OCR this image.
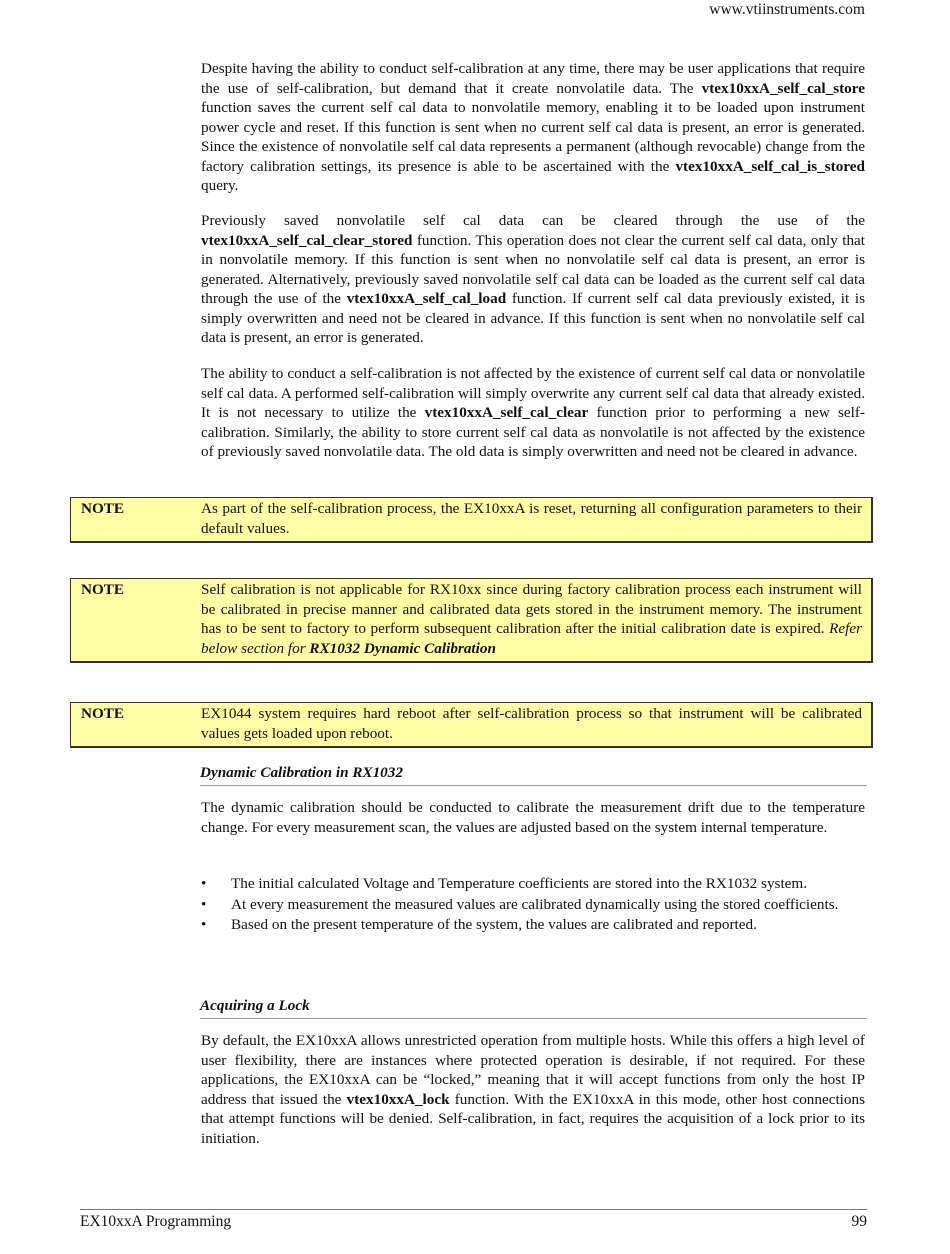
www.vtiinstruments.com

Despite having the ability to conduct self-calibration at any time, there may be user applications that require the use of self-calibration, but demand that it create nonvolatile data. The vtex10xxA_self_cal_store function saves the current self cal data to nonvolatile memory, enabling it to be loaded upon instrument power cycle and reset. If this function is sent when no current self cal data is present, an error is generated. Since the existence of nonvolatile self cal data represents a permanent (although revocable) change from the factory calibration settings, its presence is able to be ascertained with the vtex10xxA_self_cal_is_stored query.

Previously saved nonvolatile self cal data can be cleared through the use of the vtex10xxA_self_cal_clear_stored function. This operation does not clear the current self cal data, only that in nonvolatile memory. If this function is sent when no nonvolatile self cal data is present, an error is generated. Alternatively, previously saved nonvolatile self cal data can be loaded as the current self cal data through the use of the vtex10xxA_self_cal_load function. If current self cal data previously existed, it is simply overwritten and need not be cleared in advance. If this function is sent when no nonvolatile self cal data is present, an error is generated.

The ability to conduct a self-calibration is not affected by the existence of current self cal data or nonvolatile self cal data. A performed self-calibration will simply overwrite any current self cal data that already existed. It is not necessary to utilize the vtex10xxA_self_cal_clear function prior to performing a new self-calibration. Similarly, the ability to store current self cal data as nonvolatile is not affected by the existence of previously saved nonvolatile data. The old data is simply overwritten and need not be cleared in advance.

NOTE	As part of the self-calibration process, the EX10xxA is reset, returning all configuration parameters to their default values.
NOTE	Self calibration is not applicable for RX10xx since during factory calibration process each instrument will be calibrated in precise manner and calibrated data gets stored in the instrument memory. The instrument has to be sent to factory to perform subsequent calibration after the initial calibration date is expired. Refer below section for RX1032 Dynamic Calibration
NOTE	EX1044 system requires hard reboot after self-calibration process so that instrument will be calibrated values gets loaded upon reboot.
Dynamic Calibration in RX1032

The dynamic calibration should be conducted to calibrate the measurement drift due to the temperature change. For every measurement scan, the values are adjusted based on the system internal temperature.

• The initial calculated Voltage and Temperature coefficients are stored into the RX1032 system.
• At every measurement the measured values are calibrated dynamically using the stored coefficients.
• Based on the present temperature of the system, the values are calibrated and reported.
Acquiring a Lock

By default, the EX10xxA allows unrestricted operation from multiple hosts. While this offers a high level of user flexibility, there are instances where protected operation is desirable, if not required. For these applications, the EX10xxA can be “locked,” meaning that it will accept functions from only the host IP address that issued the vtex10xxA_lock function. With the EX10xxA in this mode, other host connections that attempt functions will be denied. Self-calibration, in fact, requires the acquisition of a lock prior to its initiation.

EX10xxA Programming	99
